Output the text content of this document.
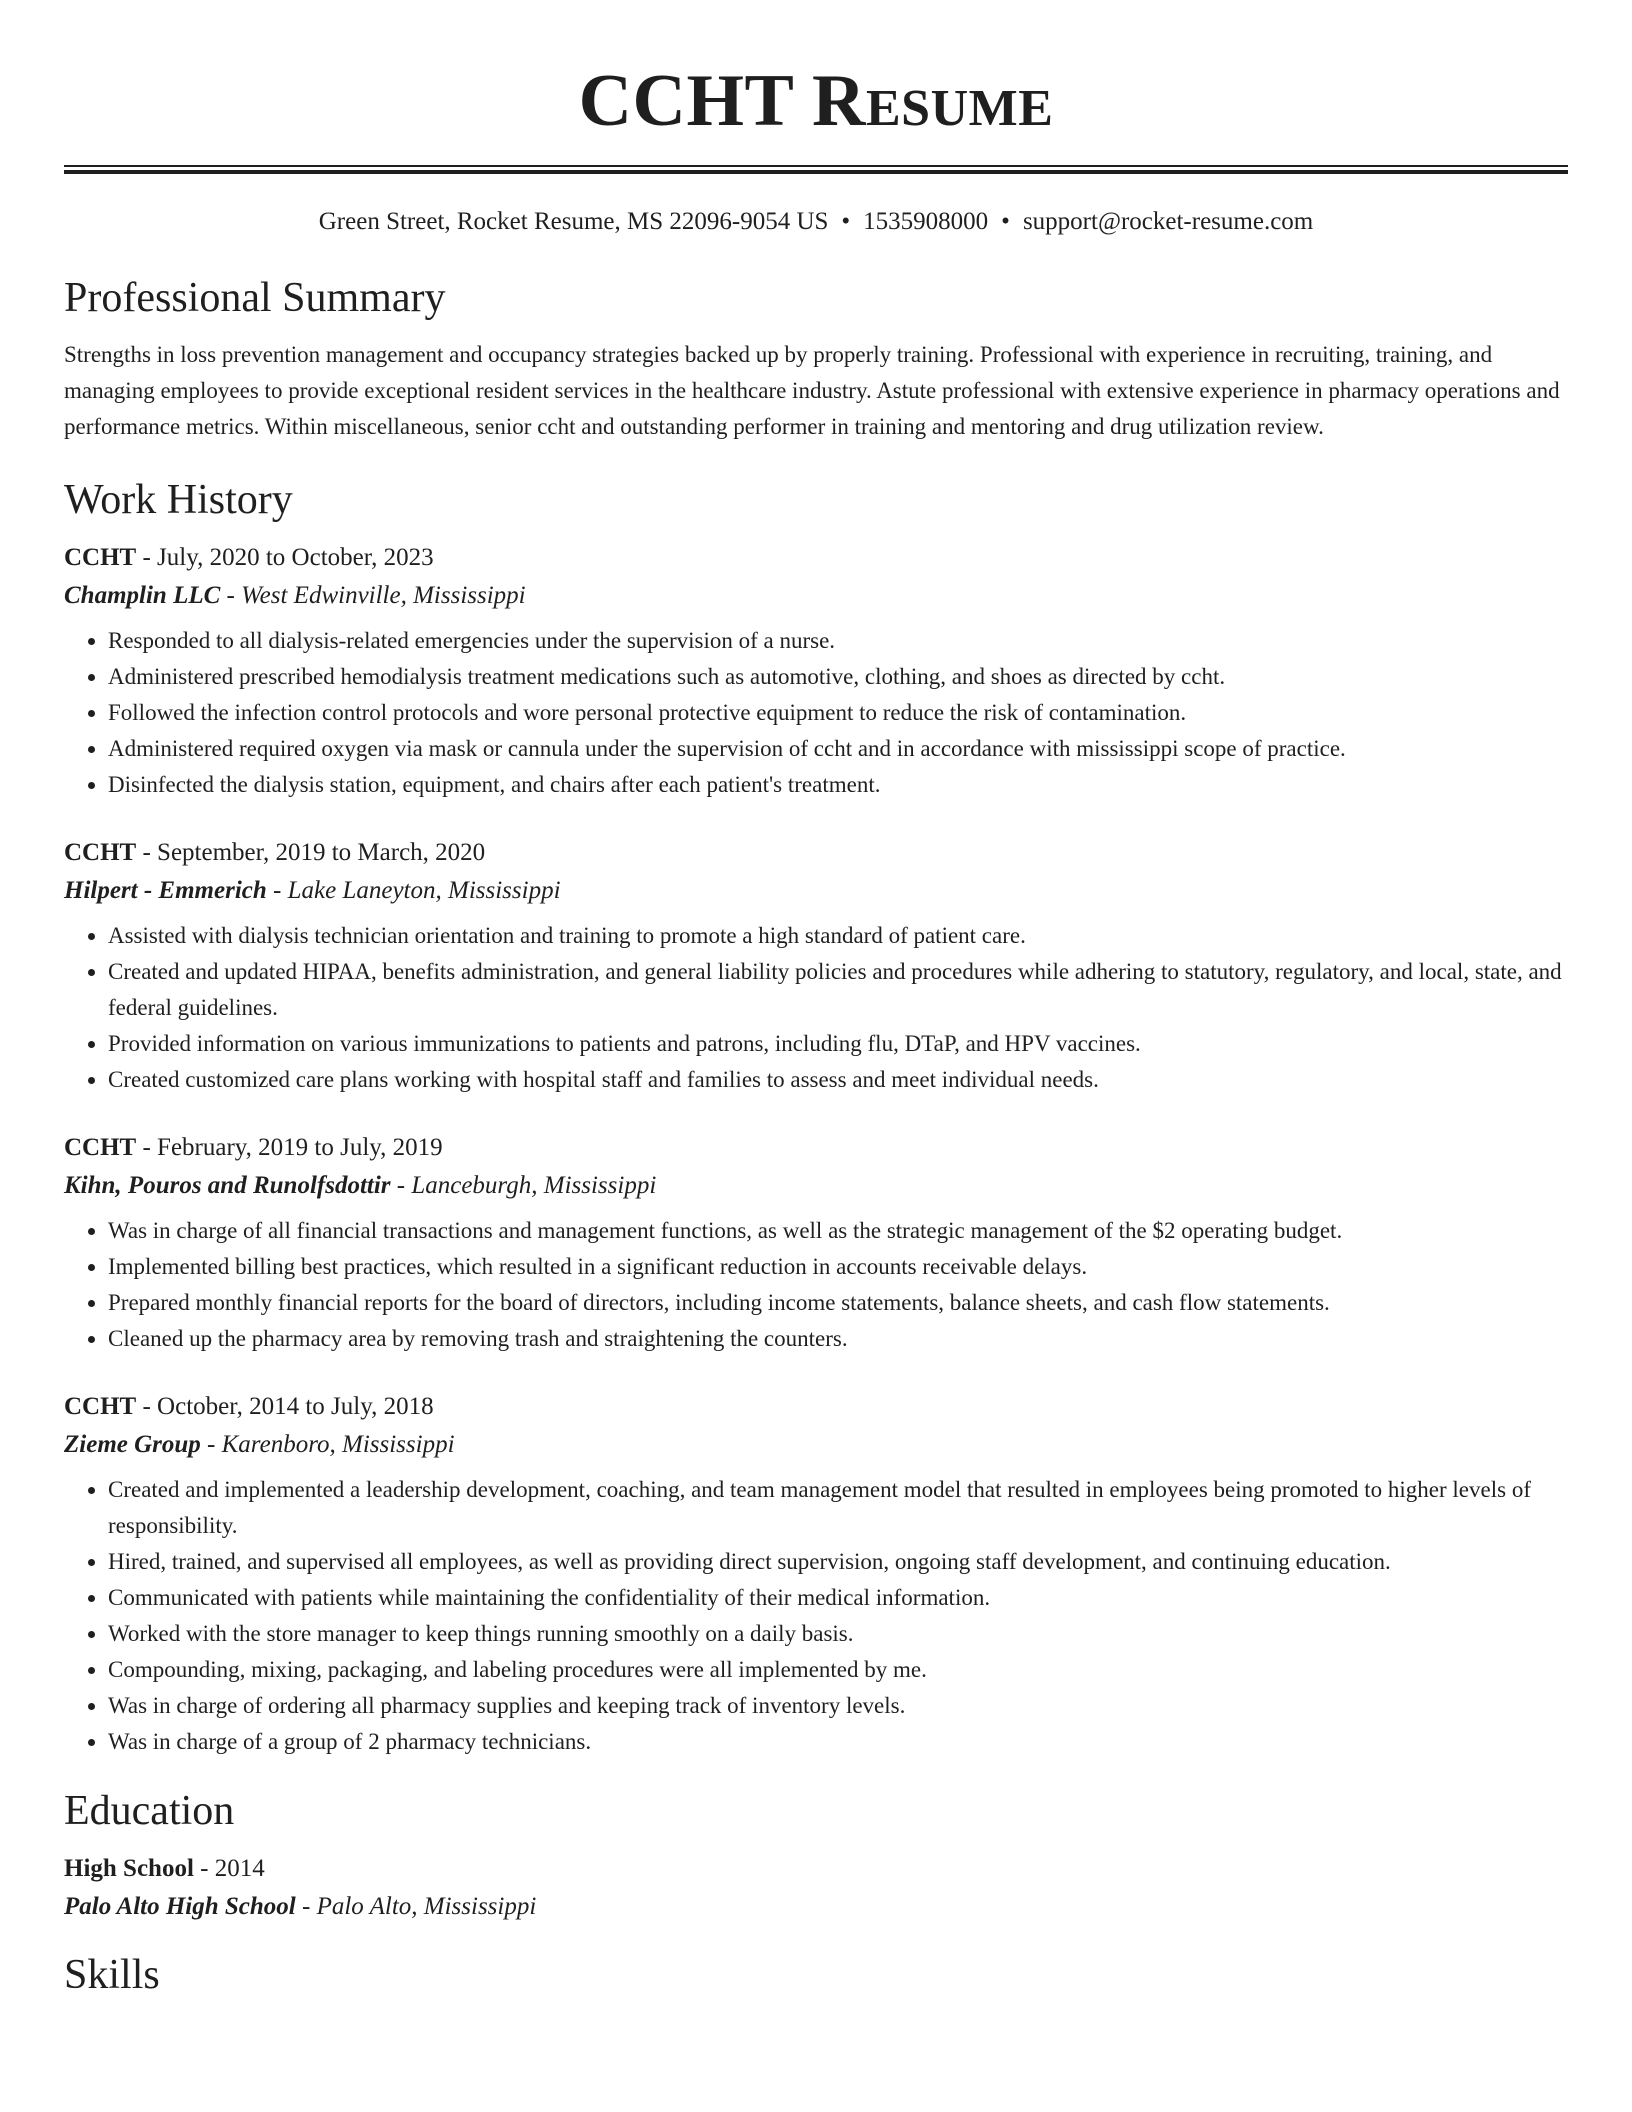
CCHT Resume
Green Street, Rocket Resume, MS 22096-9054 US • 1535908000 • support@rocket-resume.com
Professional Summary

Strengths in loss prevention management and occupancy strategies backed up by properly training. Professional with experience in recruiting, training, and managing employees to provide exceptional resident services in the healthcare industry. Astute professional with extensive experience in pharmacy operations and performance metrics. Within miscellaneous, senior ccht and outstanding performer in training and mentoring and drug utilization review.

Work History
CCHT - July, 2020 to October, 2023
Champlin LLC - West Edwinville, Mississippi
• Responded to all dialysis-related emergencies under the supervision of a nurse.
• Administered prescribed hemodialysis treatment medications such as automotive, clothing, and shoes as directed by ccht.
• Followed the infection control protocols and wore personal protective equipment to reduce the risk of contamination.
• Administered required oxygen via mask or cannula under the supervision of ccht and in accordance with mississippi scope of practice.
• Disinfected the dialysis station, equipment, and chairs after each patient's treatment.
CCHT - September, 2019 to March, 2020
Hilpert - Emmerich - Lake Laneyton, Mississippi
• Assisted with dialysis technician orientation and training to promote a high standard of patient care.
• Created and updated HIPAA, benefits administration, and general liability policies and procedures while adhering to statutory, regulatory, and local, state, and federal guidelines.
• Provided information on various immunizations to patients and patrons, including flu, DTaP, and HPV vaccines.
• Created customized care plans working with hospital staff and families to assess and meet individual needs.
CCHT - February, 2019 to July, 2019
Kihn, Pouros and Runolfsdottir - Lanceburgh, Mississippi
• Was in charge of all financial transactions and management functions, as well as the strategic management of the $2 operating budget.
• Implemented billing best practices, which resulted in a significant reduction in accounts receivable delays.
• Prepared monthly financial reports for the board of directors, including income statements, balance sheets, and cash flow statements.
• Cleaned up the pharmacy area by removing trash and straightening the counters.
CCHT - October, 2014 to July, 2018
Zieme Group - Karenboro, Mississippi
• Created and implemented a leadership development, coaching, and team management model that resulted in employees being promoted to higher levels of responsibility.
• Hired, trained, and supervised all employees, as well as providing direct supervision, ongoing staff development, and continuing education.
• Communicated with patients while maintaining the confidentiality of their medical information.
• Worked with the store manager to keep things running smoothly on a daily basis.
• Compounding, mixing, packaging, and labeling procedures were all implemented by me.
• Was in charge of ordering all pharmacy supplies and keeping track of inventory levels.
• Was in charge of a group of 2 pharmacy technicians.
Education
High School - 2014
Palo Alto High School - Palo Alto, Mississippi
Skills
